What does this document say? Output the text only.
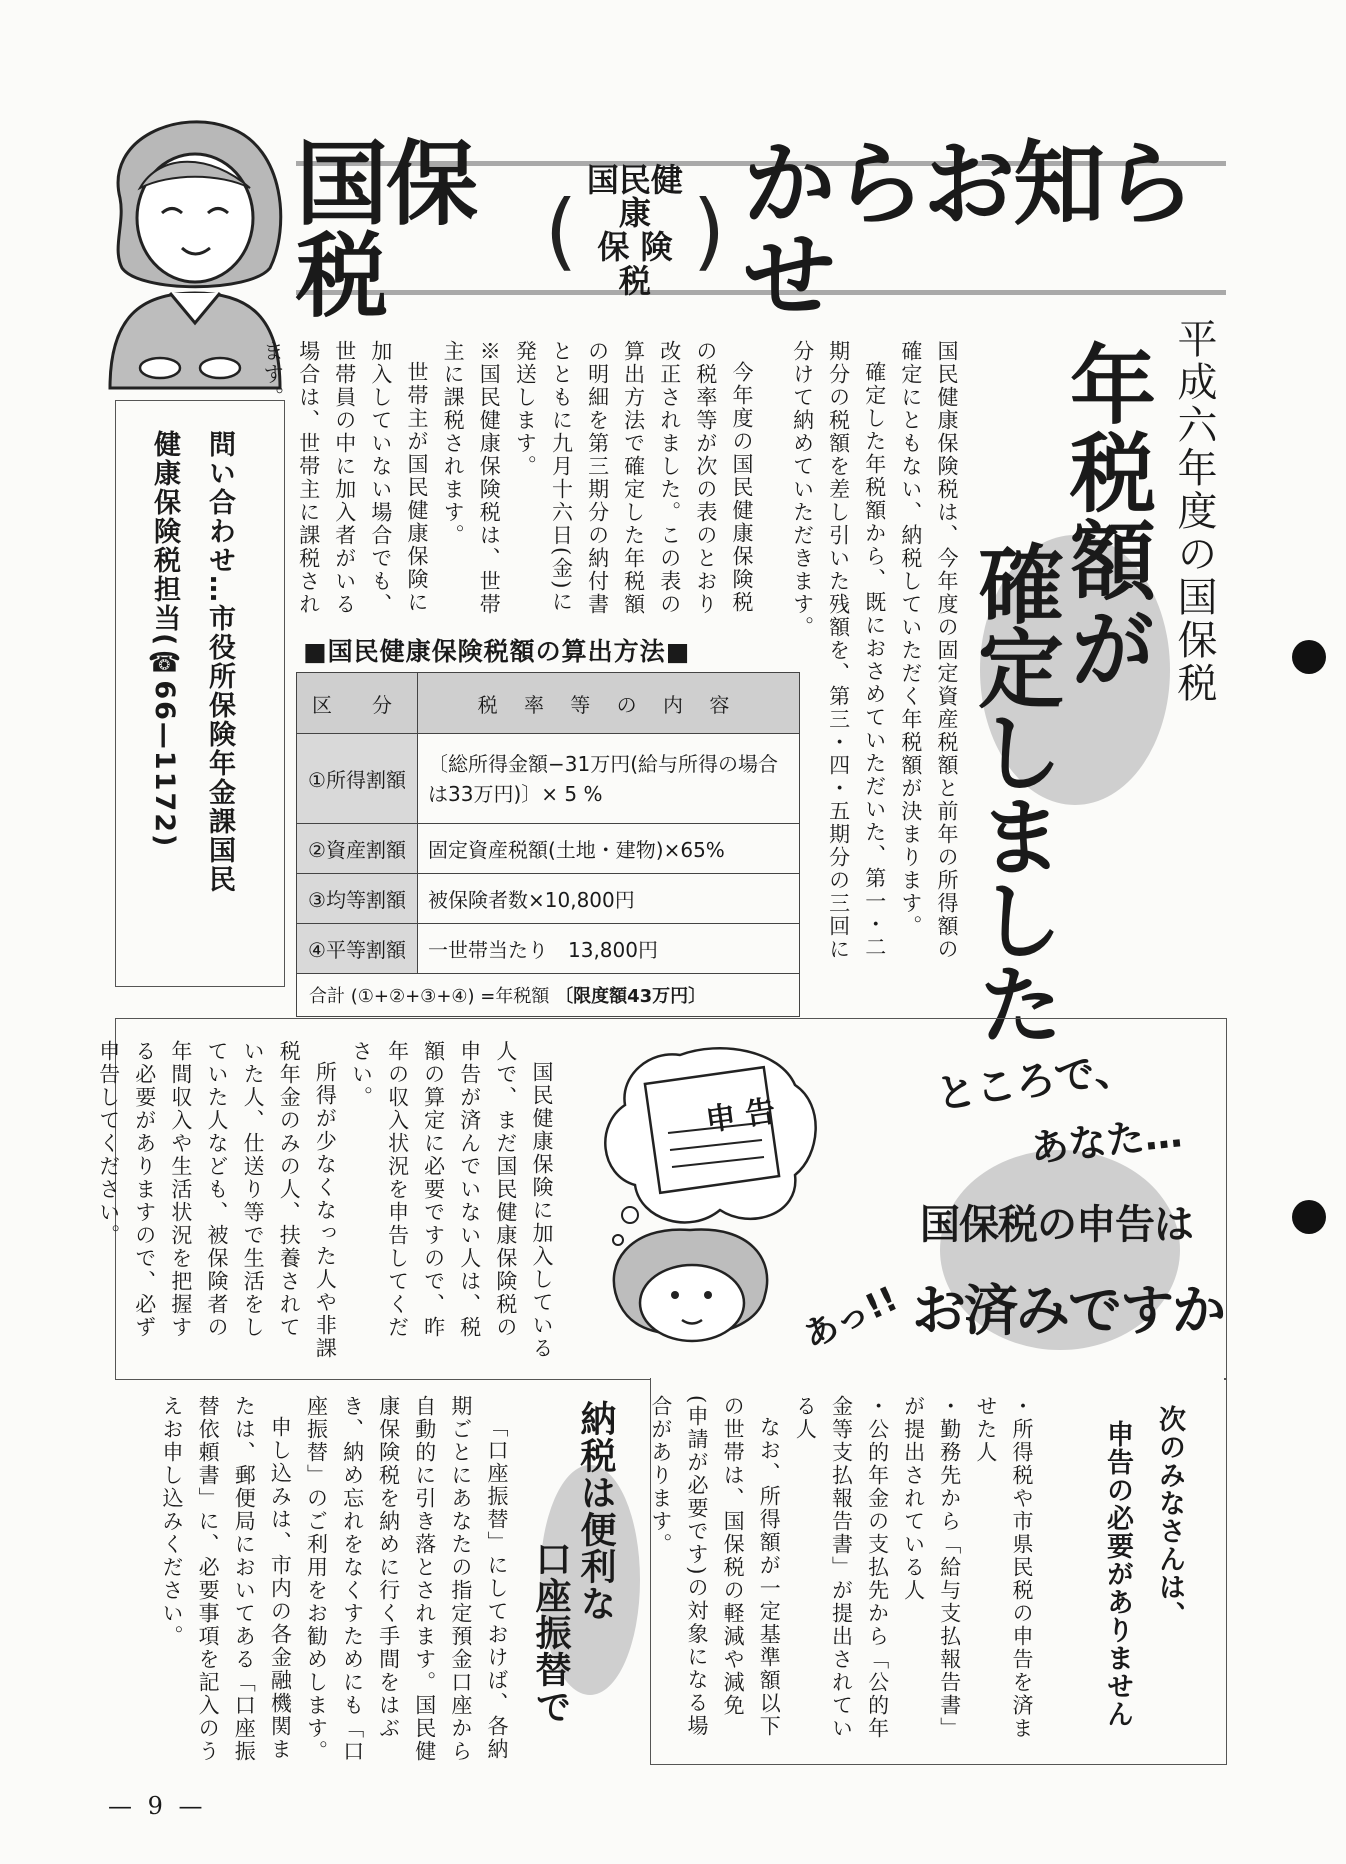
国保税	(
国民健康
保 険 税
) からお知らせ
平成六年度の国保税
年税額が
確定しました

国民健康保険税は、今年度の固定資産税額と前年の所得額の確定にともない、納税していただく年税額が決まります。

確定した年税額から、既におさめていただいた、第一・二期分の税額を差し引いた残額を、第三・四・五期分の三回に分けて納めていただきます。

今年度の国民健康保険税の税率等が次の表のとおり改正されました。この表の算出方法で確定した年税額の明細を第三期分の納付書とともに九月十六日(金)に発送します。

※国民健康保険税は、世帯主に課税されます。

世帯主が国民健康保険に加入していない場合でも、世帯員の中に加入者がいる場合は、世帯主に課税されます。

■国民健康保険税額の算出方法■
区　分	税 率 等 の 内 容
①所得割額	〔総所得金額−31万円(給与所得の場合は33万円)〕× 5 %
②資産割額	固定資産税額(土地・建物)×65%
③均等割額	被保険者数×10,800円
④平等割額	一世帯当たり　13,800円
合計 (①+②+③+④) =年税額 〔限度額43万円〕	
問い合わせ…市役所保険年金課国民
健康保険税担当(☎66—1172)

国民健康保険に加入している人で、まだ国民健康保険税の申告が済んでいない人は、税額の算定に必要ですので、昨年の収入状況を申告してください。

所得が少なくなった人や非課税年金のみの人、扶養されていた人、仕送り等で生活をしていた人なども、被保険者の年間収入や生活状況を把握する必要がありますので、必ず申告してください。	申告
あっ!!
ところで、
あなた…
国保税の申告は
お済みですか
次のみなさんは、
申告の必要がありません

・所得税や市県民税の申告を済ませた人

・勤務先から「給与支払報告書」が提出されている人

・公的年金の支払先から「公的年金等支払報告書」が提出されている人

なお、所得額が一定基準額以下の世帯は、国保税の軽減や減免(申請が必要です)の対象になる場合があります。

納税は便利な
口座振替で

「口座振替」にしておけば、各納期ごとにあなたの指定預金口座から自動的に引き落とされます。国民健康保険税を納めに行く手間をはぶき、納め忘れをなくすためにも「口座振替」のご利用をお勧めします。

申し込みは、市内の各金融機関または、郵便局においてある「口座振替依頼書」に、必要事項を記入のうえお申し込みください。

— 9 —
